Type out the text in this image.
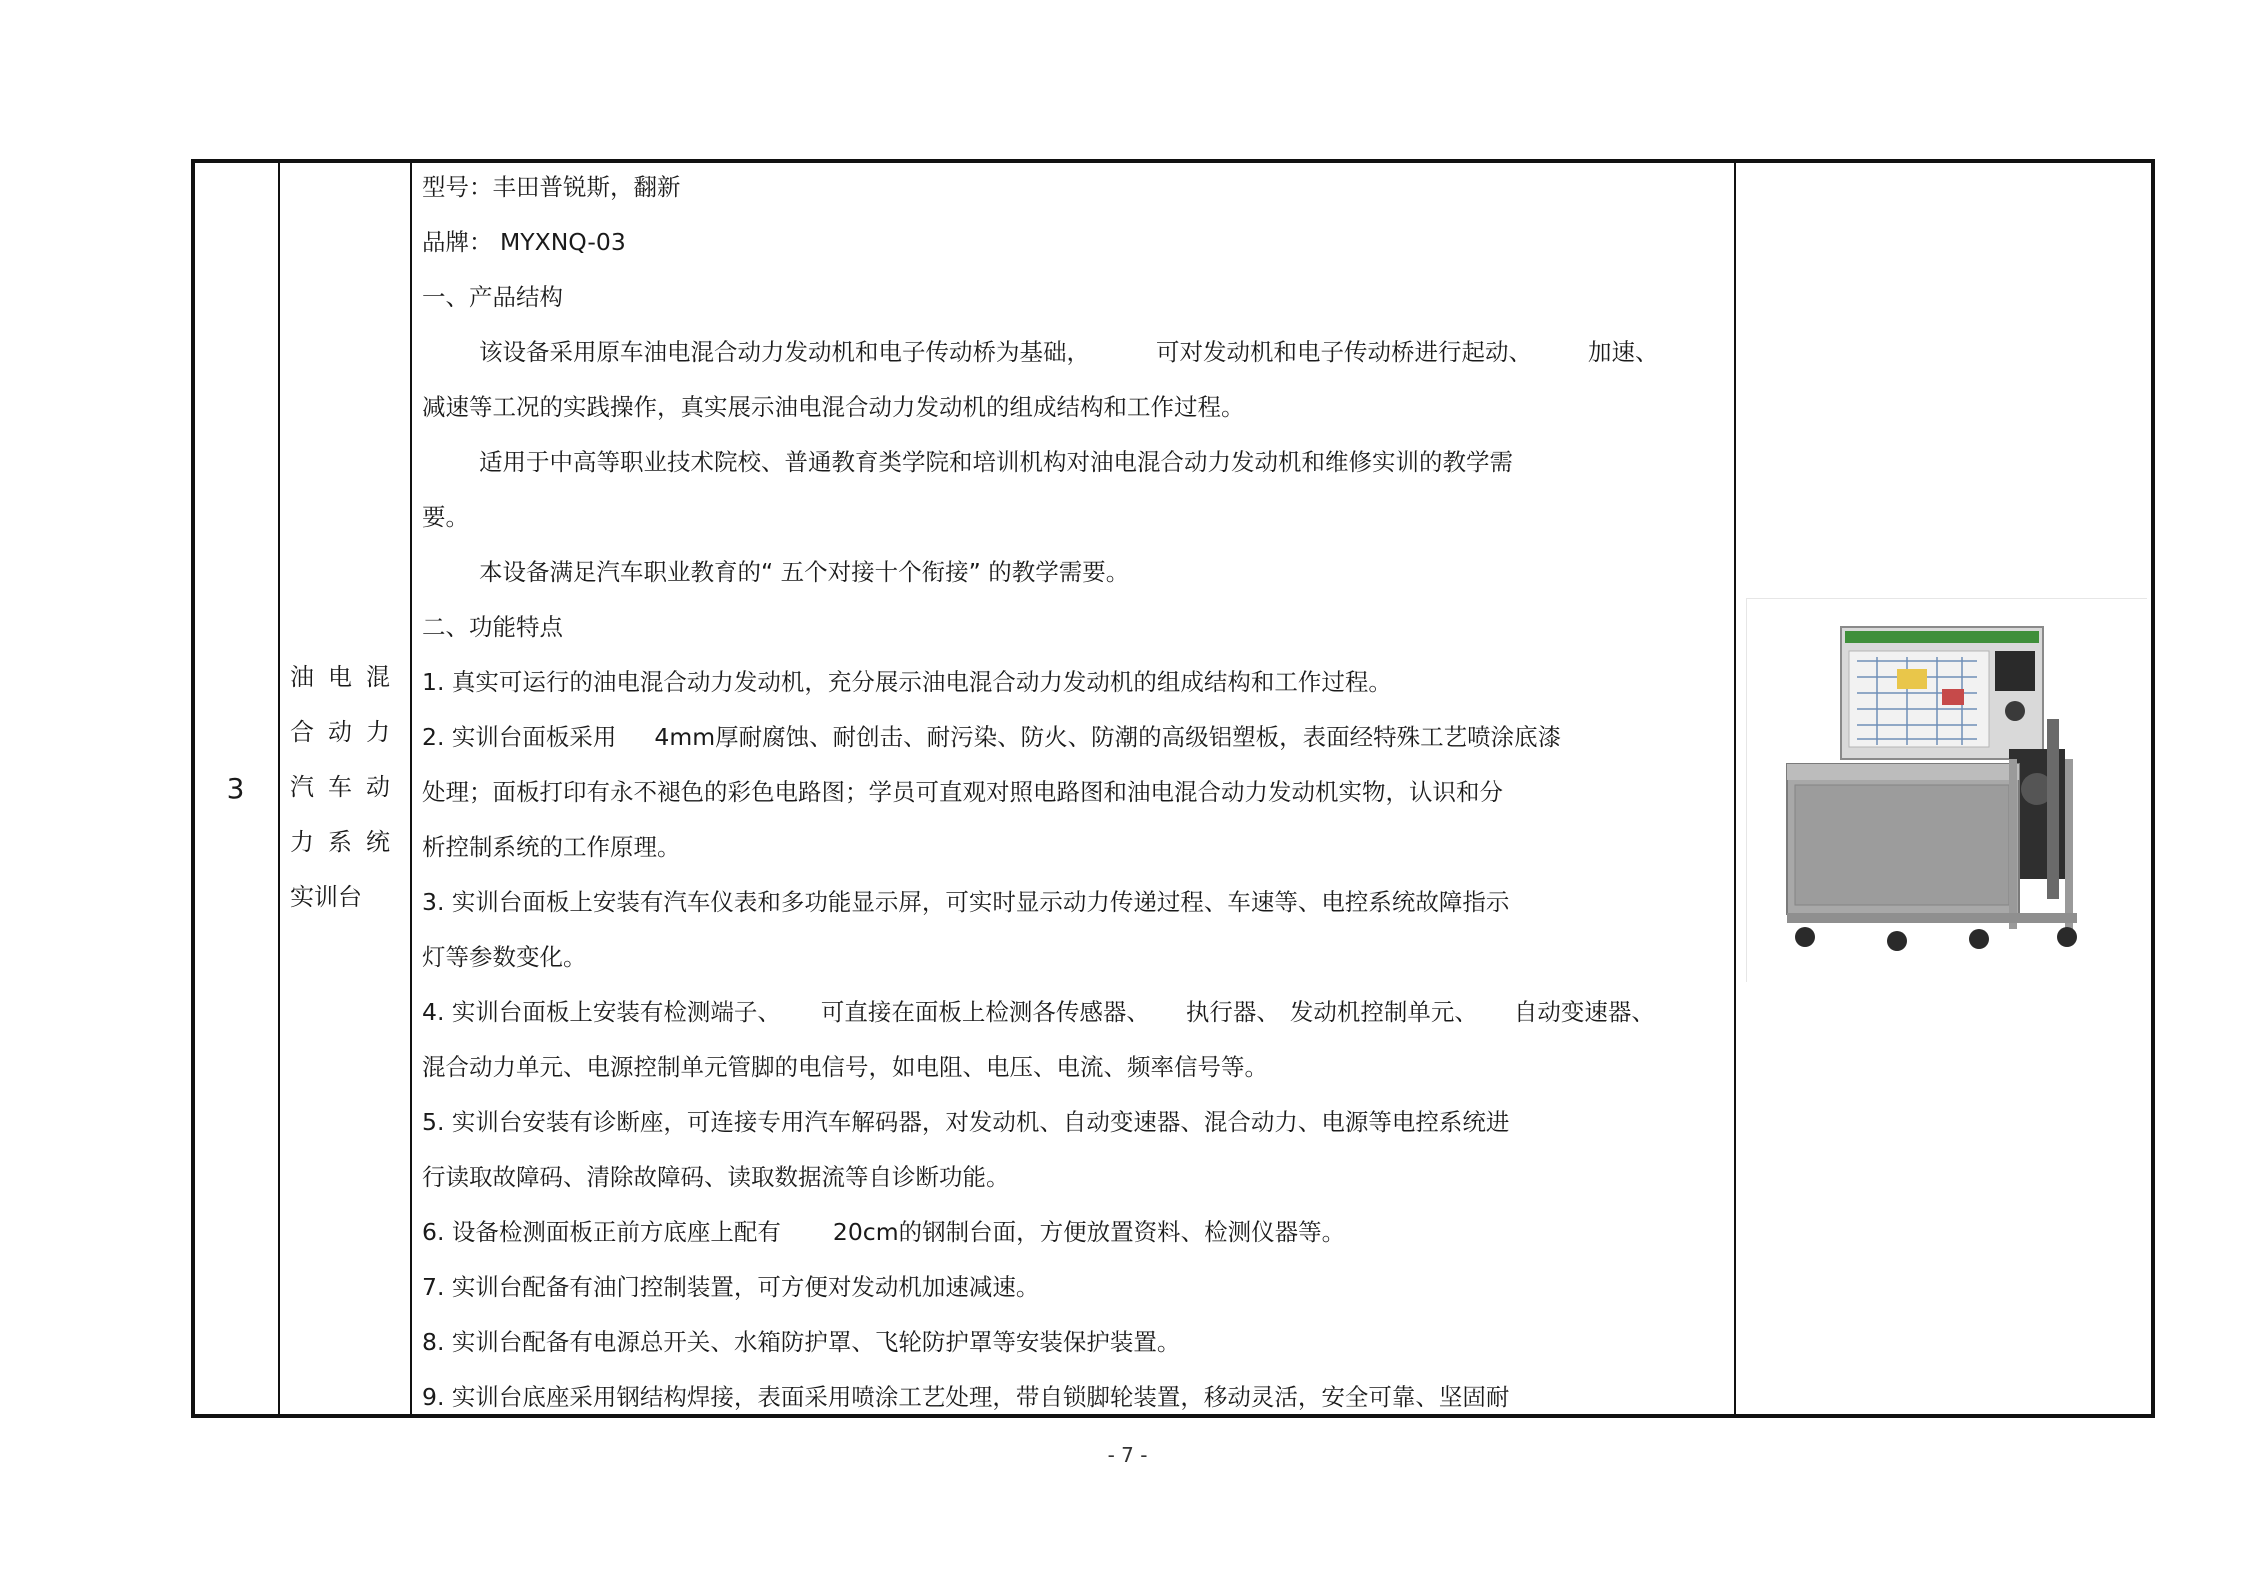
3
油 电 混
合 动 力
汽 车 动
力 系 统
实训台

型号：丰田普锐斯，翻新

品牌： MYXNQ-03

一、产品结构

该设备采用原车油电混合动力发动机和电子传动桥为基础，	可对发动机和电子传动桥进行起动、 加速、

减速等工况的实践操作，真实展示油电混合动力发动机的组成结构和工作过程。

适用于中高等职业技术院校、普通教育类学院和培训机构对油电混合动力发动机和维修实训的教学需

要。

本设备满足汽车职业教育的“ 五个对接十个衔接” 的教学需要。

二、功能特点

1. 真实可运行的油电混合动力发动机，充分展示油电混合动力发动机的组成结构和工作过程。

2. 实训台面板采用 4mm厚耐腐蚀、耐创击、耐污染、防火、防潮的高级铝塑板，表面经特殊工艺喷涂底漆

处理；面板打印有永不褪色的彩色电路图；学员可直观对照电路图和油电混合动力发动机实物，认识和分

析控制系统的工作原理。

3. 实训台面板上安装有汽车仪表和多功能显示屏，可实时显示动力传递过程、车速等、电控系统故障指示

灯等参数变化。

4. 实训台面板上安装有检测端子、 可直接在面板上检测各传感器、 执行器、 发动机控制单元、 自动变速器、

混合动力单元、电源控制单元管脚的电信号，如电阻、电压、电流、频率信号等。

5. 实训台安装有诊断座，可连接专用汽车解码器，对发动机、自动变速器、混合动力、电源等电控系统进

行读取故障码、清除故障码、读取数据流等自诊断功能。

6. 设备检测面板正前方底座上配有 20cm的钢制台面，方便放置资料、检测仪器等。

7. 实训台配备有油门控制装置，可方便对发动机加速减速。

8. 实训台配备有电源总开关、水箱防护罩、飞轮防护罩等安装保护装置。

9. 实训台底座采用钢结构焊接，表面采用喷涂工艺处理，带自锁脚轮装置，移动灵活，安全可靠、坚固耐

- 7 -
